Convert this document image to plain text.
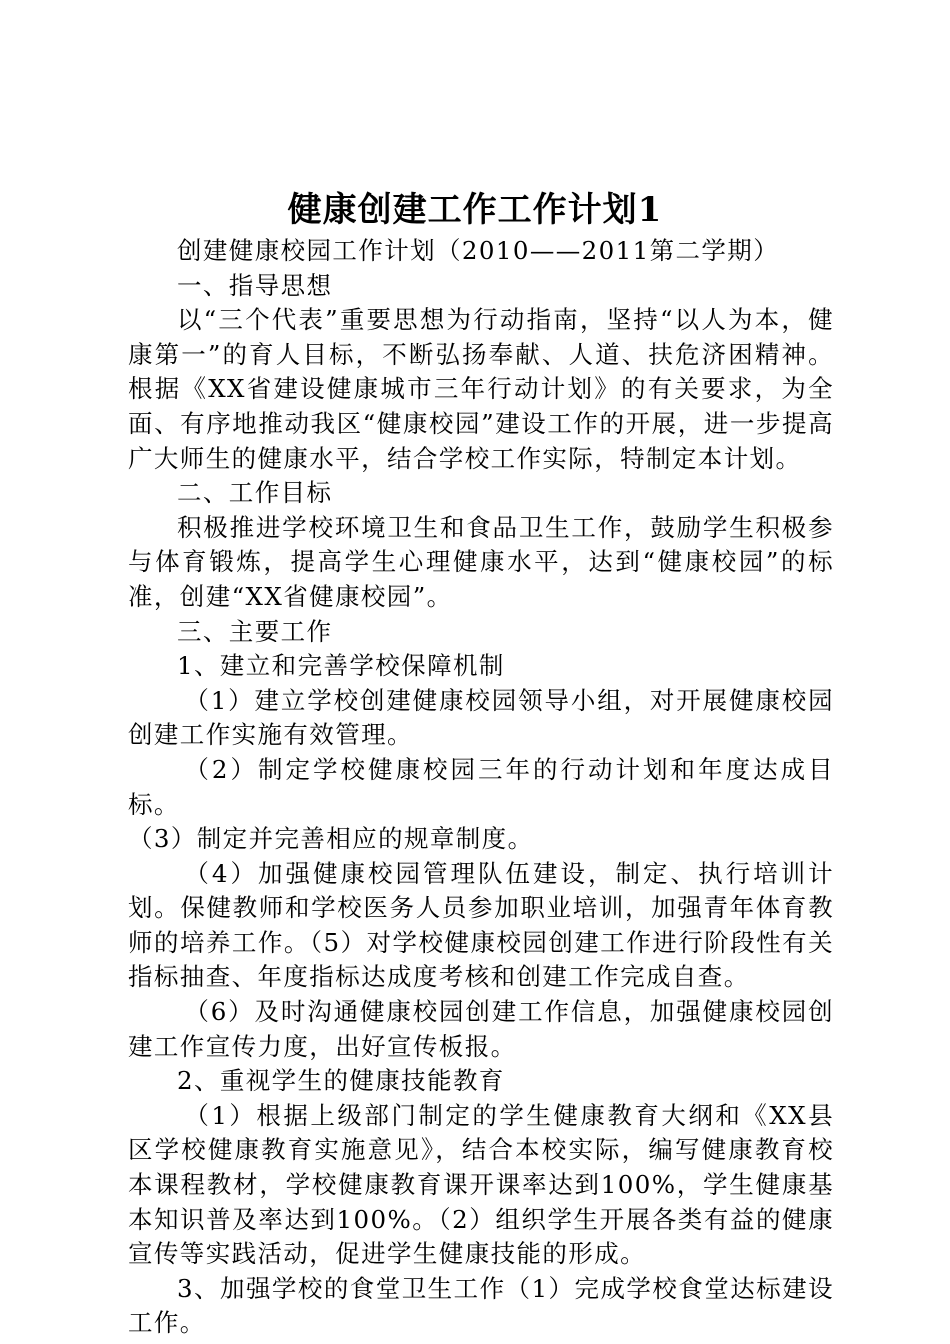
健康创建工作工作计划1

创建健康校园工作计划（2010——2011第二学期）

一、指导思想

以“三个代表”重要思想为行动指南，坚持“以人为本，健康第一”的育人目标，不断弘扬奉献、人道、扶危济困精神。根据《XX省建设健康城市三年行动计划》的有关要求，为全面、有序地推动我区“健康校园”建设工作的开展，进一步提高广大师生的健康水平，结合学校工作实际，特制定本计划。

二、工作目标

积极推进学校环境卫生和食品卫生工作，鼓励学生积极参与体育锻炼，提高学生心理健康水平，达到“健康校园”的标准，创建“XX省健康校园”。

三、主要工作

1、建立和完善学校保障机制

（1）建立学校创建健康校园领导小组，对开展健康校园创建工作实施有效管理。

（2）制定学校健康校园三年的行动计划和年度达成目标。

（3）制定并完善相应的规章制度。

（4）加强健康校园管理队伍建设，制定、执行培训计划。保健教师和学校医务人员参加职业培训，加强青年体育教师的培养工作。（5）对学校健康校园创建工作进行阶段性有关指标抽查、年度指标达成度考核和创建工作完成自查。

（6）及时沟通健康校园创建工作信息，加强健康校园创建工作宣传力度，出好宣传板报。

2、重视学生的健康技能教育

（1）根据上级部门制定的学生健康教育大纲和《XX县区学校健康教育实施意见》，结合本校实际，编写健康教育校本课程教材，学校健康教育课开课率达到100%，学生健康基本知识普及率达到100%。（2）组织学生开展各类有益的健康宣传等实践活动，促进学生健康技能的形成。

3、加强学校的食堂卫生工作（1）完成学校食堂达标建设工作。
